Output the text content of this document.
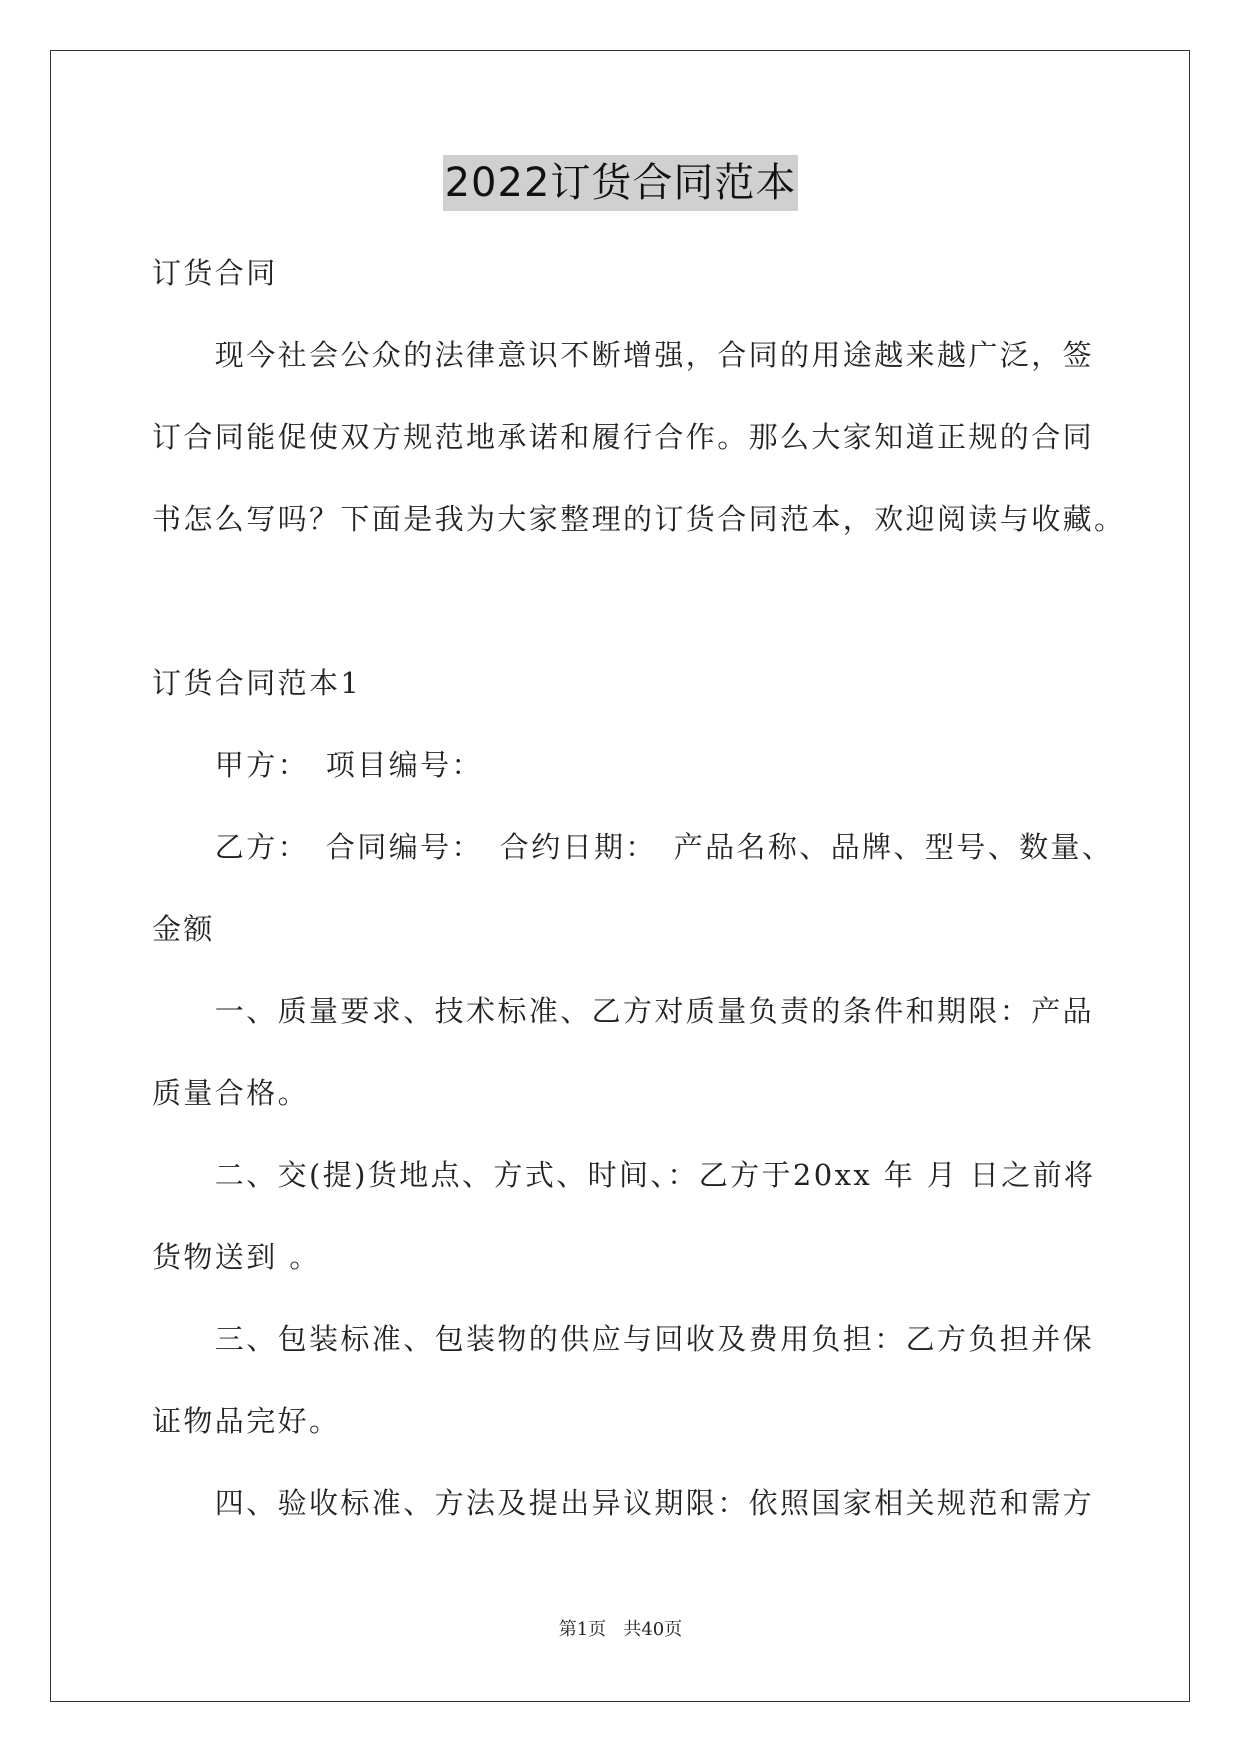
2022订货合同范本
订货合同
　　现今社会公众的法律意识不断增强，合同的用途越来越广泛，签
订合同能促使双方规范地承诺和履行合作。那么大家知道正规的合同
书怎么写吗？下面是我为大家整理的订货合同范本，欢迎阅读与收藏。
订货合同范本1
　　甲方：　项目编号：
　　乙方：　合同编号：　合约日期：　产品名称、品牌、型号、数量、
金额
　　一、质量要求、技术标准、乙方对质量负责的条件和期限：产品
质量合格。
　　二、交(提)货地点、方式、时间、：乙方于20xx 年 月 日之前将
货物送到 。
　　三、包装标准、包装物的供应与回收及费用负担：乙方负担并保
证物品完好。
　　四、验收标准、方法及提出异议期限：依照国家相关规范和需方
第1页   共40页
